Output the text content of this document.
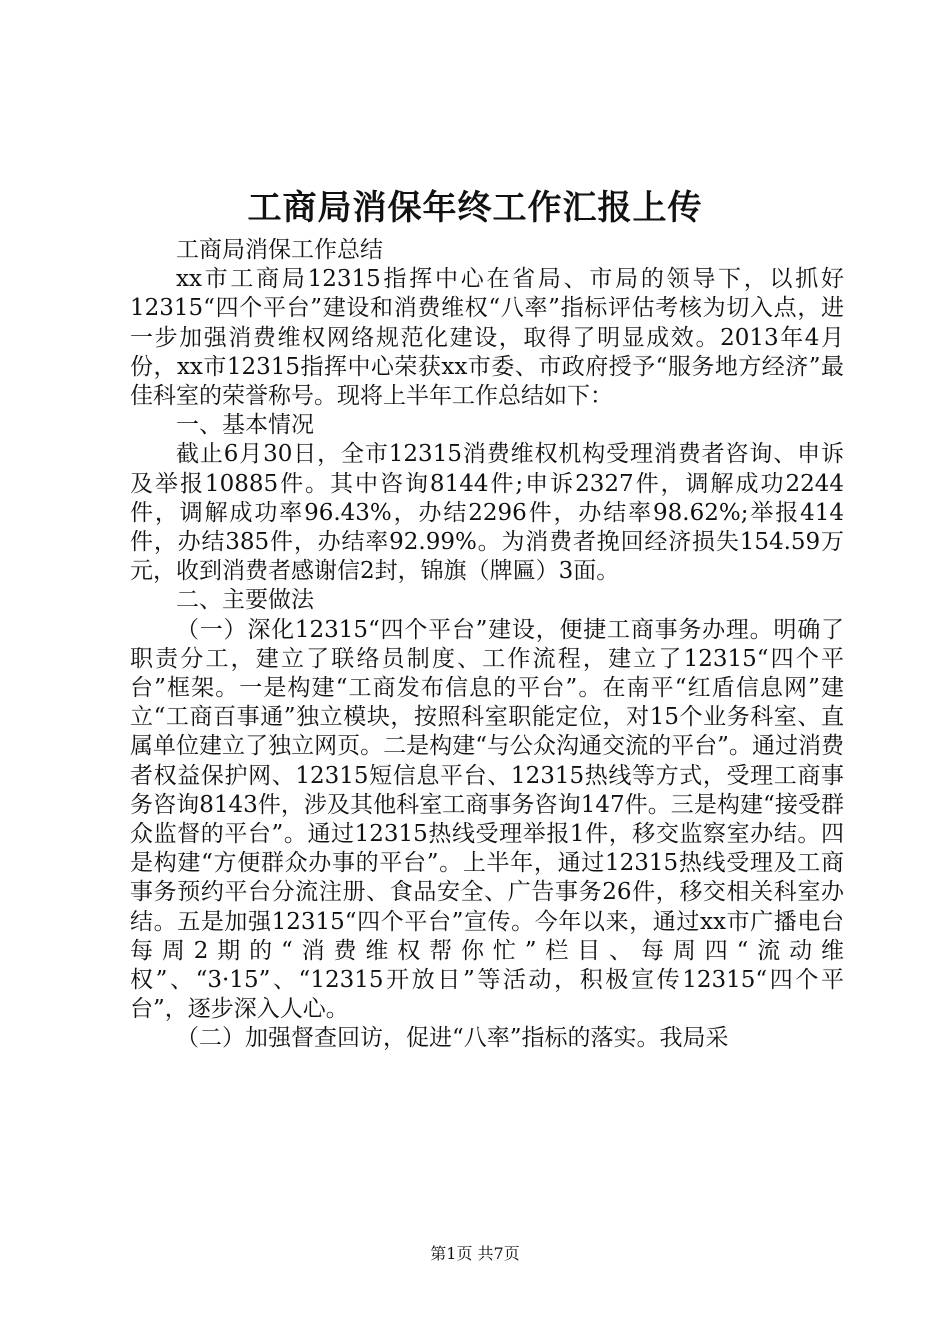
工商局消保年终工作汇报上传

工商局消保工作总结

xx市工商局12315指挥中心在省局、市局的领导下，以抓好12315“四个平台”建设和消费维权“八率”指标评估考核为切入点，进一步加强消费维权网络规范化建设，取得了明显成效。2013年4月份，xx市12315指挥中心荣获xx市委、市政府授予“服务地方经济”最佳科室的荣誉称号。现将上半年工作总结如下：

一、基本情况

截止6月30日，全市12315消费维权机构受理消费者咨询、申诉及举报10885件。其中咨询8144件;申诉2327件，调解成功2244件，调解成功率96.43%，办结2296件，办结率98.62%;举报414件，办结385件，办结率92.99%。为消费者挽回经济损失154.59万元，收到消费者感谢信2封，锦旗（牌匾）3面。

二、主要做法

（一）深化12315“四个平台”建设，便捷工商事务办理。明确了职责分工，建立了联络员制度、工作流程，建立了12315“四个平台”框架。一是构建“工商发布信息的平台”。在南平“红盾信息网”建立“工商百事通”独立模块，按照科室职能定位，对15个业务科室、直属单位建立了独立网页。二是构建“与公众沟通交流的平台”。通过消费者权益保护网、12315短信息平台、12315热线等方式，受理工商事务咨询8143件，涉及其他科室工商事务咨询147件。三是构建“接受群众监督的平台”。通过12315热线受理举报1件，移交监察室办结。四是构建“方便群众办事的平台”。上半年，通过12315热线受理及工商事务预约平台分流注册、食品安全、广告事务26件，移交相关科室办结。五是加强12315“四个平台”宣传。今年以来，通过xx市广播电台每周2期的“消费维权帮你忙”栏目、每周四“流动维权”、“3·15”、“12315开放日”等活动，积极宣传12315“四个平台”，逐步深入人心。

（二）加强督查回访，促进“八率”指标的落实。我局采

第1页 共7页
